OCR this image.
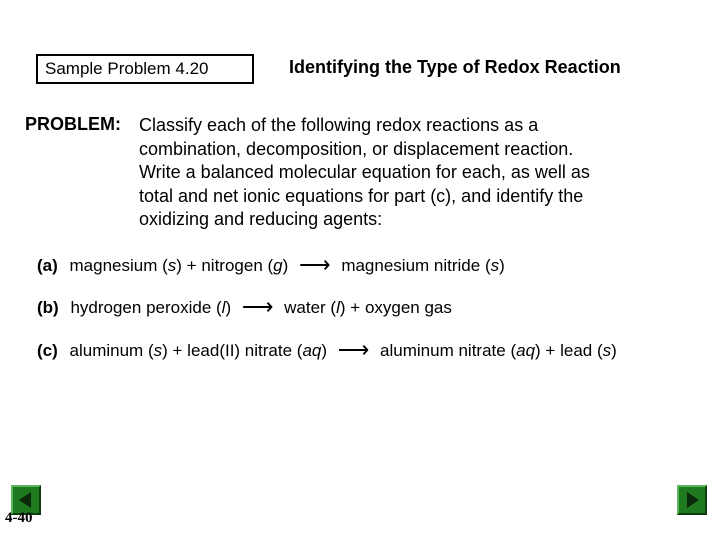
Sample Problem 4.20	Identifying the Type of Redox Reaction
PROBLEM: Classify each of the following redox reactions as a
combination, decomposition, or displacement reaction.
Write a balanced molecular equation for each, as well as
total and net ionic equations for part (c), and identify the
oxidizing and reducing agents:
(a) magnesium (s) + nitrogen (g) ⟶ magnesium nitride (s)
(b) hydrogen peroxide (l) ⟶ water (l) + oxygen gas
(c) aluminum (s) + lead(II) nitrate (aq) ⟶ aluminum nitrate (aq) + lead (s)
4-40
